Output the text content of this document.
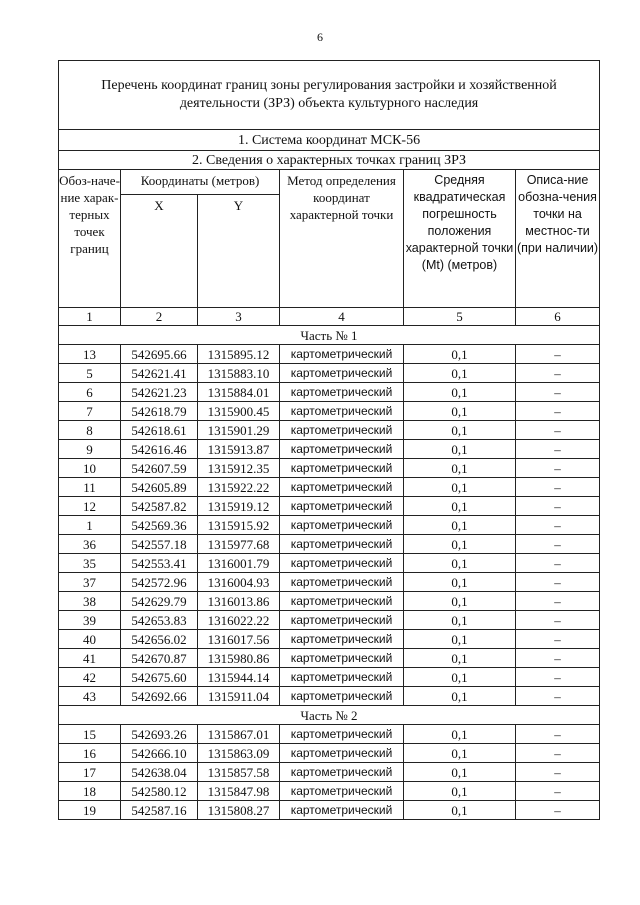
6
Перечень координат границ зоны регулирования застройки и хозяйственной деятельности (ЗРЗ) объекта культурного наследия					
1. Система координат МСК-56					
2. Сведения о характерных точках границ ЗРЗ					
Обоз-наче-ние харак-терных точек границ	Координаты (метров)		Метод определения координат характерной точки	Средняя квадратическая погрешность положения характерной точки (Mt) (метров)	Описа-ние обозна-чения точки на местнос-ти (при наличии)
	X	Y			
1	2	3	4	5	6
Часть № 1					
13	542695.66	1315895.12	картометрический	0,1	–
5	542621.41	1315883.10	картометрический	0,1	–
6	542621.23	1315884.01	картометрический	0,1	–
7	542618.79	1315900.45	картометрический	0,1	–
8	542618.61	1315901.29	картометрический	0,1	–
9	542616.46	1315913.87	картометрический	0,1	–
10	542607.59	1315912.35	картометрический	0,1	–
11	542605.89	1315922.22	картометрический	0,1	–
12	542587.82	1315919.12	картометрический	0,1	–
1	542569.36	1315915.92	картометрический	0,1	–
36	542557.18	1315977.68	картометрический	0,1	–
35	542553.41	1316001.79	картометрический	0,1	–
37	542572.96	1316004.93	картометрический	0,1	–
38	542629.79	1316013.86	картометрический	0,1	–
39	542653.83	1316022.22	картометрический	0,1	–
40	542656.02	1316017.56	картометрический	0,1	–
41	542670.87	1315980.86	картометрический	0,1	–
42	542675.60	1315944.14	картометрический	0,1	–
43	542692.66	1315911.04	картометрический	0,1	–
Часть № 2					
15	542693.26	1315867.01	картометрический	0,1	–
16	542666.10	1315863.09	картометрический	0,1	–
17	542638.04	1315857.58	картометрический	0,1	–
18	542580.12	1315847.98	картометрический	0,1	–
19	542587.16	1315808.27	картометрический	0,1	–
